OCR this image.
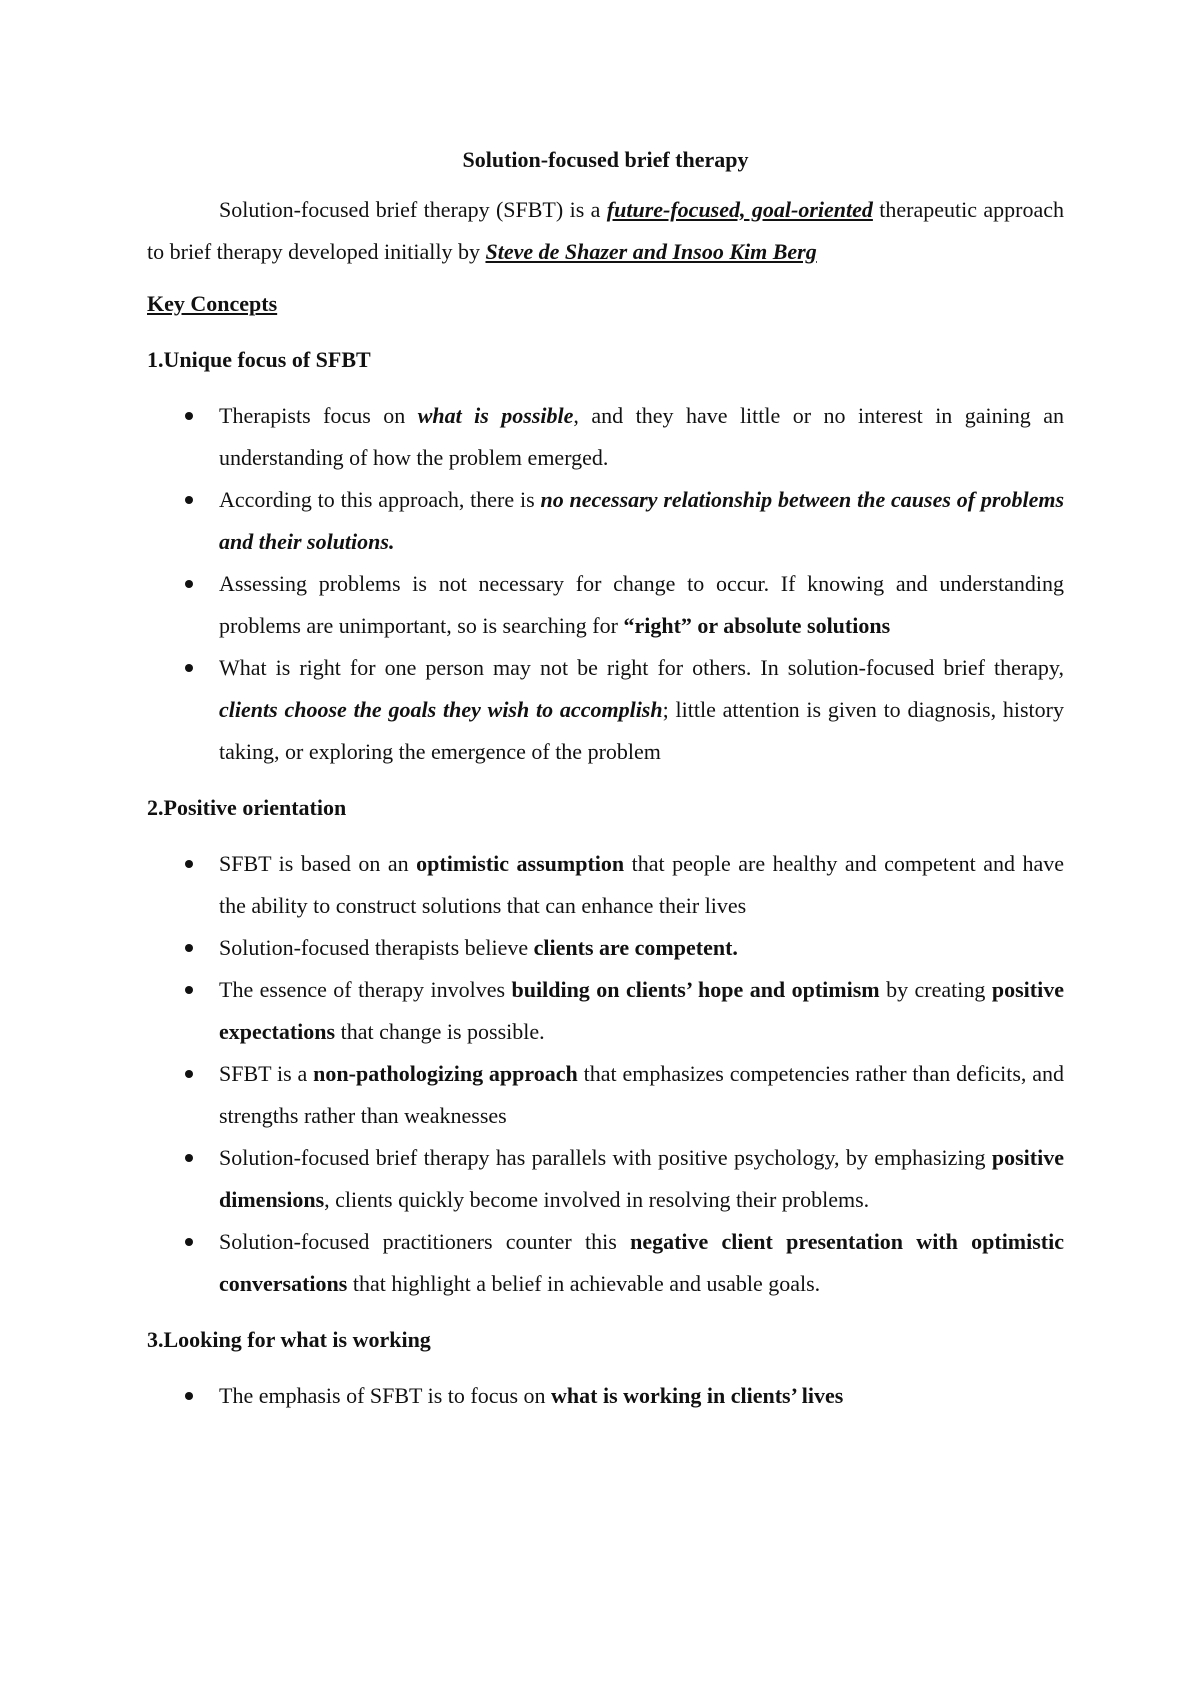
Solution-focused brief therapy

Solution-focused brief therapy (SFBT) is a future-focused, goal-oriented therapeutic approach to brief therapy developed initially by Steve de Shazer and Insoo Kim Berg

Key Concepts
1.Unique focus of SFBT
Therapists focus on what is possible, and they have little or no interest in gaining an understanding of how the problem emerged.
According to this approach, there is no necessary relationship between the causes of problems and their solutions.
Assessing problems is not necessary for change to occur. If knowing and understanding problems are unimportant, so is searching for “right” or absolute solutions
What is right for one person may not be right for others. In solution-focused brief therapy, clients choose the goals they wish to accomplish; little attention is given to diagnosis, history taking, or exploring the emergence of the problem
2.Positive orientation
SFBT is based on an optimistic assumption that people are healthy and competent and have the ability to construct solutions that can enhance their lives
Solution-focused therapists believe clients are competent.
The essence of therapy involves building on clients’ hope and optimism by creating positive expectations that change is possible.
SFBT is a non-pathologizing approach that emphasizes competencies rather than deficits, and strengths rather than weaknesses
Solution-focused brief therapy has parallels with positive psychology, by emphasizing positive dimensions, clients quickly become involved in resolving their problems.
Solution-focused practitioners counter this negative client presentation with optimistic conversations that highlight a belief in achievable and usable goals.
3.Looking for what is working
The emphasis of SFBT is to focus on what is working in clients’ lives
